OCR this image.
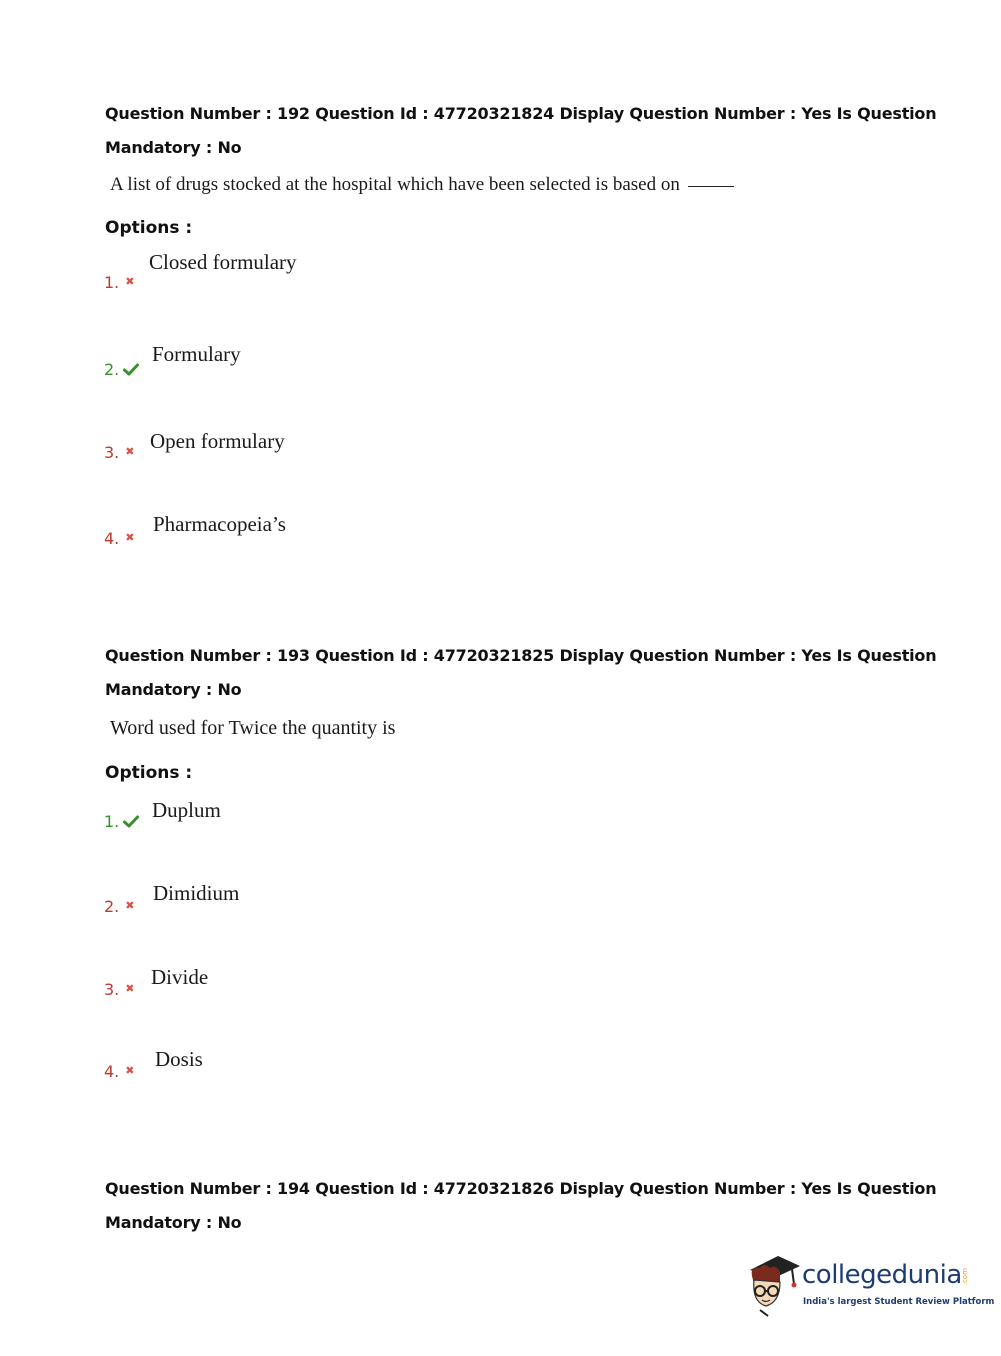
Question Number : 192 Question Id : 47720321824 Display Question Number : Yes Is Question
Mandatory : No
A list of drugs stocked at the hospital which have been selected is based on
Options :
1. ✖
Closed formulary
2.
Formulary
3. ✖ Open formulary
4. ✖
Pharmacopeia’s
Question Number : 193 Question Id : 47720321825 Display Question Number : Yes Is Question
Mandatory : No
Word used for Twice the quantity is
Options :
1.	Duplum
2. ✖
Dimidium
3. ✖ Divide
4. ✖ Dosis
Question Number : 194 Question Id : 47720321826 Display Question Number : Yes Is Question
Mandatory : No
collegedunia .com
India's largest Student Review Platform
